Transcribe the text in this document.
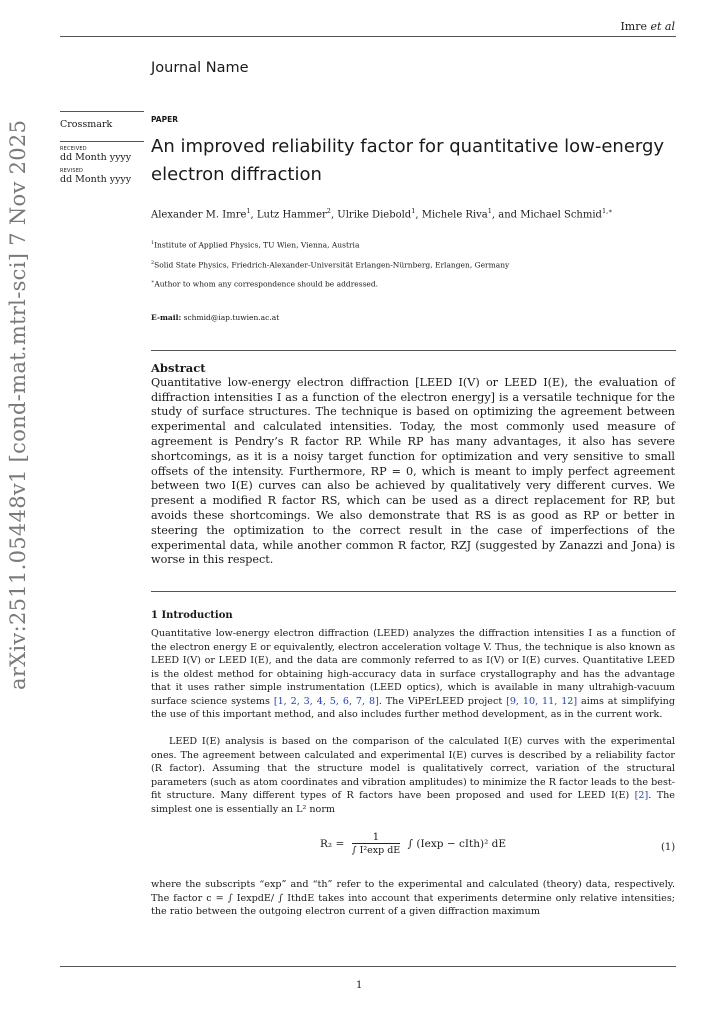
Imre et al
Journal Name
Crossmark
RECEIVED
dd Month yyyy
REVISED
dd Month yyyy
PAPER
An improved reliability factor for quantitative low-energy electron diffraction
Alexander M. Imre$^1$, Lutz Hammer$^2$, Ulrike Diebold$^1$, Michele Riva$^1$, and Michael Schmid$^{1,∗}$
$^1$Institute of Applied Physics, TU Wien, Vienna, Austria
$^2$Solid State Physics, Friedrich-Alexander-Universität Erlangen-Nürnberg, Erlangen, Germany
∗Author to whom any correspondence should be addressed.
E-mail: schmid@iap.tuwien.ac.at
arXiv:2511.05448v1 [cond-mat.mtrl-sci] 7 Nov 2025	Abstract
Quantitative low-energy electron diffraction [LEED I(V) or LEED I(E), the evaluation of diffraction intensities I as a function of the electron energy] is a versatile technique for the study of surface structures. The technique is based on optimizing the agreement between experimental and calculated intensities. Today, the most commonly used measure of agreement is Pendry’s R factor RP. While RP has many advantages, it also has severe shortcomings, as it is a noisy target function for optimization and very sensitive to small offsets of the intensity. Furthermore, RP = 0, which is meant to imply perfect agreement between two I(E) curves can also be achieved by qualitatively very different curves. We present a modified R factor RS, which can be used as a direct replacement for RP, but avoids these shortcomings. We also demonstrate that RS is as good as RP or better in steering the optimization to the correct result in the case of imperfections of the experimental data, while another common R factor, RZJ (suggested by Zanazzi and Jona) is worse in this respect.
1 Introduction
Quantitative low-energy electron diffraction (LEED) analyzes the diffraction intensities I as a function of the electron energy E or equivalently, electron acceleration voltage V. Thus, the technique is also known as LEED I(V) or LEED I(E), and the data are commonly referred to as I(V) or I(E) curves. Quantitative LEED is the oldest method for obtaining high-accuracy data in surface crystallography and has the advantage that it uses rather simple instrumentation (LEED optics), which is available in many ultrahigh-vacuum surface science systems [1, 2, 3, 4, 5, 6, 7, 8]. The ViPErLEED project [9, 10, 11, 12] aims at simplifying the use of this important method, and also includes further method development, as in the current work.
LEED I(E) analysis is based on the comparison of the calculated I(E) curves with the experimental ones. The agreement between calculated and experimental I(E) curves is described by a reliability factor (R factor). Assuming that the structure model is qualitatively correct, variation of the structural parameters (such as atom coordinates and vibration amplitudes) to minimize the R factor leads to the best-fit structure. Many different types of R factors have been proposed and used for LEED I(E) [2]. The simplest one is essentially an L² norm
$R_2 = \frac{1}{\text{∫ I²exp dE}}$ ∫ (Iexp − cIth)² dE	(1)
where the subscripts “exp” and “th” refer to the experimental and calculated (theory) data, respectively. The factor c = ∫ IexpdE/ ∫ IthdE takes into account that experiments determine only relative intensities; the ratio between the outgoing electron current of a given diffraction maximum
1
